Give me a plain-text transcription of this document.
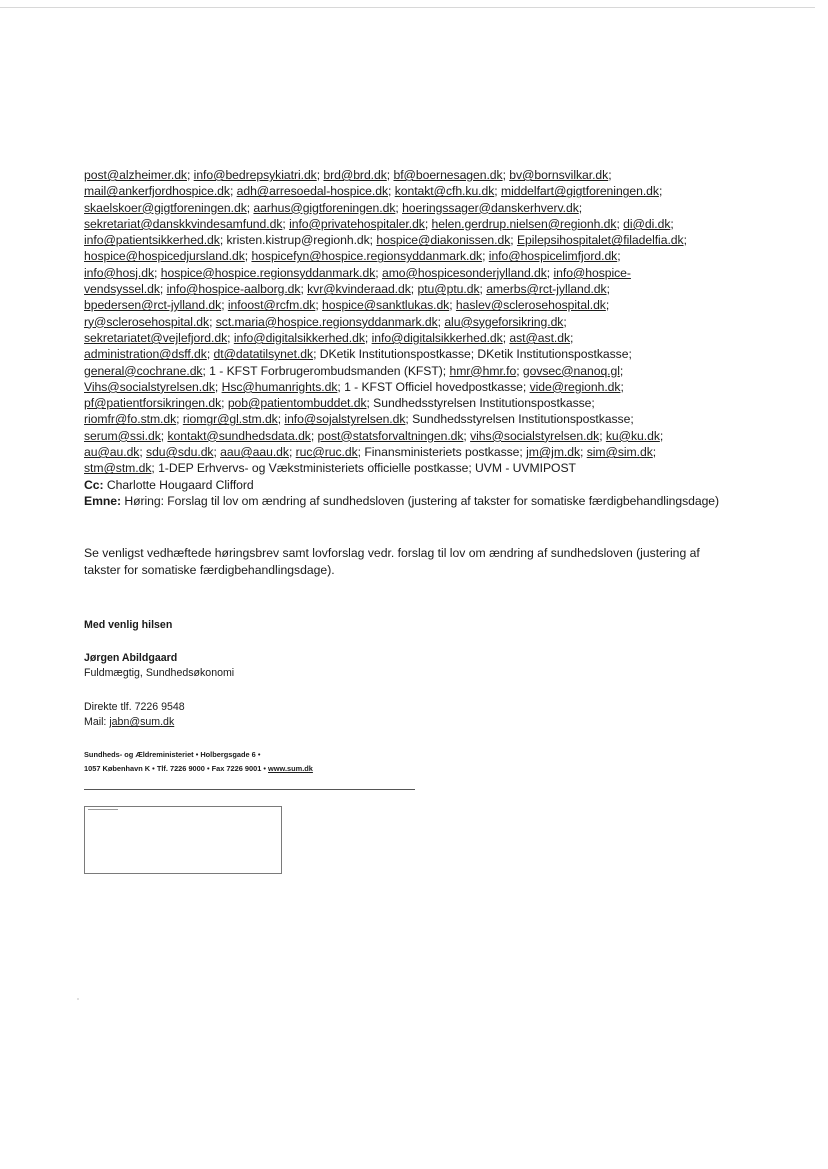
post@alzheimer.dk; info@bedrepsykiatri.dk; brd@brd.dk; bf@boernesagen.dk; bv@bornsvilkar.dk;
mail@ankerfjordhospice.dk; adh@arresoedal-hospice.dk; kontakt@cfh.ku.dk; middelfart@gigtforeningen.dk;
skaelskoer@gigtforeningen.dk; aarhus@gigtforeningen.dk; hoeringssager@danskerhverv.dk;
sekretariat@danskkvindesamfund.dk; info@privatehospitaler.dk; helen.gerdrup.nielsen@regionh.dk; di@di.dk;
info@patientsikkerhed.dk; kristen.kistrup@regionh.dk; hospice@diakonissen.dk; Epilepsihospitalet@filadelfia.dk;
hospice@hospicedjursland.dk; hospicefyn@hospice.regionsyddanmark.dk; info@hospicelimfjord.dk;
info@hosj.dk; hospice@hospice.regionsyddanmark.dk; amo@hospicesonderjylland.dk; info@hospice-
vendsyssel.dk; info@hospice-aalborg.dk; kvr@kvinderaad.dk; ptu@ptu.dk; amerbs@rct-jylland.dk;
bpedersen@rct-jylland.dk; infoost@rcfm.dk; hospice@sanktlukas.dk; haslev@sclerosehospital.dk;
ry@sclerosehospital.dk; sct.maria@hospice.regionsyddanmark.dk; alu@sygeforsikring.dk;
sekretariatet@vejlefjord.dk; info@digitalsikkerhed.dk; info@digitalsikkerhed.dk; ast@ast.dk;
administration@dsff.dk; dt@datatilsynet.dk; DKetik Institutionspostkasse; DKetik Institutionspostkasse;
general@cochrane.dk; 1 - KFST Forbrugerombudsmanden (KFST); hmr@hmr.fo; govsec@nanoq.gl;
Vihs@socialstyrelsen.dk; Hsc@humanrights.dk; 1 - KFST Officiel hovedpostkasse; vide@regionh.dk;
pf@patientforsikringen.dk; pob@patientombuddet.dk; Sundhedsstyrelsen Institutionspostkasse;
riomfr@fo.stm.dk; riomgr@gl.stm.dk; info@sojalstyrelsen.dk; Sundhedsstyrelsen Institutionspostkasse;
serum@ssi.dk; kontakt@sundhedsdata.dk; post@statsforvaltningen.dk; vihs@socialstyrelsen.dk; ku@ku.dk;
au@au.dk; sdu@sdu.dk; aau@aau.dk; ruc@ruc.dk; Finansministeriets postkasse; jm@jm.dk; sim@sim.dk;
stm@stm.dk; 1-DEP Erhvervs- og Vækstministeriets officielle postkasse; UVM - UVMIPOST
Cc: Charlotte Hougaard Clifford
Emne: Høring: Forslag til lov om ændring af sundhedsloven (justering af takster for somatiske færdigbehandlingsdage)
Se venligst vedhæftede høringsbrev samt lovforslag vedr. forslag til lov om ændring af sundhedsloven (justering af takster for somatiske færdigbehandlingsdage).
Med venlig hilsen
Jørgen Abildgaard
Fuldmægtig, Sundhedsøkonomi
Direkte tlf. 7226 9548
Mail: jabn@sum.dk
Sundheds- og Ældreministeriet • Holbergsgade 6 •
1057 København K • Tlf. 7226 9000 • Fax 7226 9001 • www.sum.dk
